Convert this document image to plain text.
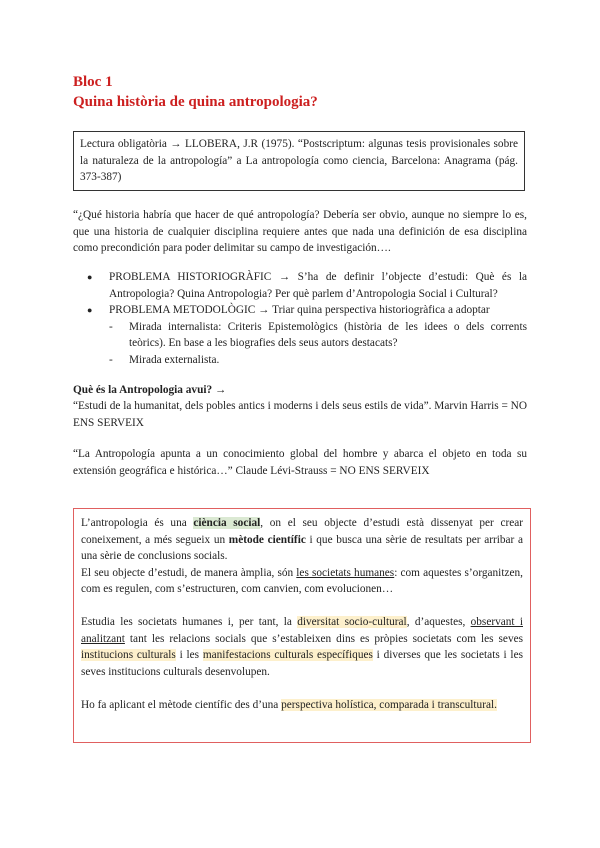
Bloc 1
Quina història de quina antropologia?
Lectura obligatòria → LLOBERA, J.R (1975). “Postscriptum: algunas tesis provisionales sobre la naturaleza de la antropología” a La antropología como ciencia, Barcelona: Anagrama (pág. 373-387)

“¿Qué historia habría que hacer de qué antropología? Debería ser obvio, aunque no siempre lo es, que una historia de cualquier disciplina requiere antes que nada una definición de esa disciplina como precondición para poder delimitar su campo de investigación….

● PROBLEMA HISTORIOGRÀFIC → S’ha de definir l’objecte d’estudi: Què és la Antropologia? Quina Antropologia? Per què parlem d’Antropologia Social i Cultural?
● PROBLEMA METODOLÒGIC → Triar quina perspectiva historiogràfica a adoptar
- Mirada internalista: Criteris Epistemològics (història de les idees o dels corrents teòrics). En base a les biografies dels seus autors destacats?
- Mirada externalista.

Què és la Antropologia avui? →

“Estudi de la humanitat, dels pobles antics i moderns i dels seus estils de vida”. Marvin Harris = NO ENS SERVEIX

“La Antropología apunta a un conocimiento global del hombre y abarca el objeto en toda su extensión geográfica e histórica…” Claude Lévi-Strauss = NO ENS SERVEIX

L’antropologia és una ciència social, on el seu objecte d’estudi està dissenyat per crear coneixement, a més segueix un mètode científic i que busca una sèrie de resultats per arribar a una sèrie de conclusions socials.

El seu objecte d’estudi, de manera àmplia, són les societats humanes: com aquestes s’organitzen, com es regulen, com s’estructuren, com canvien, com evolucionen…

Estudia les societats humanes i, per tant, la diversitat socio-cultural, d’aquestes, observant i analitzant tant les relacions socials que s’estableixen dins es pròpies societats com les seves institucions culturals i les manifestacions culturals específiques i diverses que les societats i les seves institucions culturals desenvolupen.

Ho fa aplicant el mètode científic des d’una perspectiva holística, comparada i transcultural.
